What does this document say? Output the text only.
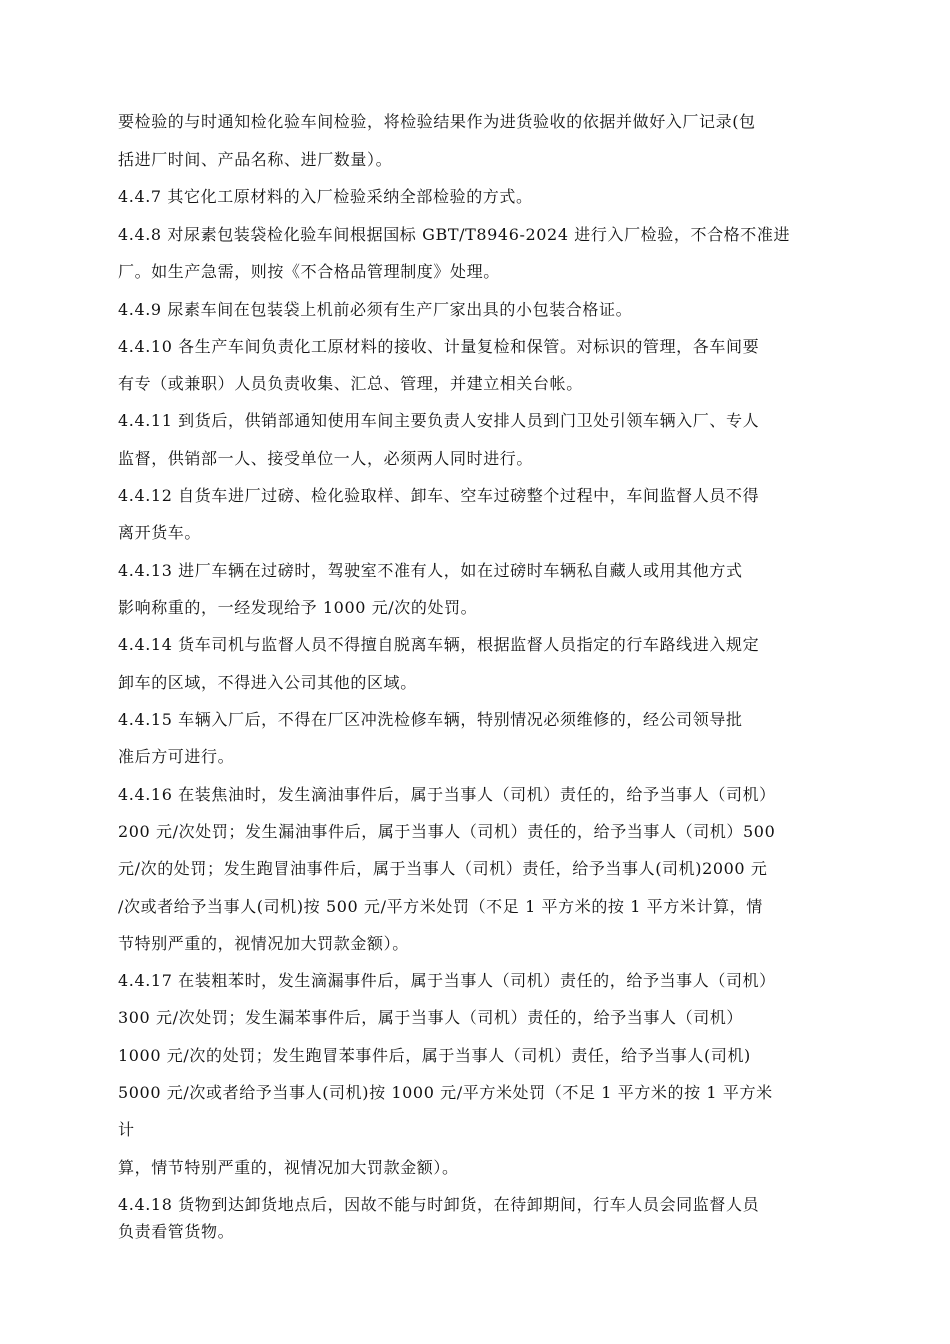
要检验的与时通知检化验车间检验，将检验结果作为进货验收的依据并做好入厂记录(包
括进厂时间、产品名称、进厂数量）。
4.4.7 其它化工原材料的入厂检验采纳全部检验的方式。
4.4.8 对尿素包装袋检化验车间根据国标 GBT/T8946-2024 进行入厂检验，不合格不准进
厂。如生产急需，则按《不合格品管理制度》处理。
4.4.9 尿素车间在包装袋上机前必须有生产厂家出具的小包装合格证。
4.4.10 各生产车间负责化工原材料的接收、计量复检和保管。对标识的管理，各车间要
有专（或兼职）人员负责收集、汇总、管理，并建立相关台帐。
4.4.11 到货后，供销部通知使用车间主要负责人安排人员到门卫处引领车辆入厂、专人
监督，供销部一人、接受单位一人，必须两人同时进行。
4.4.12 自货车进厂过磅、检化验取样、卸车、空车过磅整个过程中，车间监督人员不得
离开货车。
4.4.13 进厂车辆在过磅时，驾驶室不准有人，如在过磅时车辆私自藏人或用其他方式
影响称重的，一经发现给予 1000 元/次的处罚。
4.4.14 货车司机与监督人员不得擅自脱离车辆，根据监督人员指定的行车路线进入规定
卸车的区域，不得进入公司其他的区域。
4.4.15 车辆入厂后，不得在厂区冲洗检修车辆，特别情况必须维修的，经公司领导批
准后方可进行。
4.4.16 在装焦油时，发生滴油事件后，属于当事人（司机）责任的，给予当事人（司机）
200 元/次处罚；发生漏油事件后，属于当事人（司机）责任的，给予当事人（司机）500
元/次的处罚；发生跑冒油事件后，属于当事人（司机）责任，给予当事人(司机)2000 元
/次或者给予当事人(司机)按 500 元/平方米处罚（不足 1 平方米的按 1 平方米计算，情
节特别严重的，视情况加大罚款金额）。
4.4.17 在装粗苯时，发生滴漏事件后，属于当事人（司机）责任的，给予当事人（司机）
300 元/次处罚；发生漏苯事件后，属于当事人（司机）责任的，给予当事人（司机）
1000 元/次的处罚；发生跑冒苯事件后，属于当事人（司机）责任，给予当事人(司机)
5000 元/次或者给予当事人(司机)按 1000 元/平方米处罚（不足 1 平方米的按 1 平方米
计
算，情节特别严重的，视情况加大罚款金额）。
4.4.18 货物到达卸货地点后，因故不能与时卸货，在待卸期间，行车人员会同监督人员
负责看管货物。
